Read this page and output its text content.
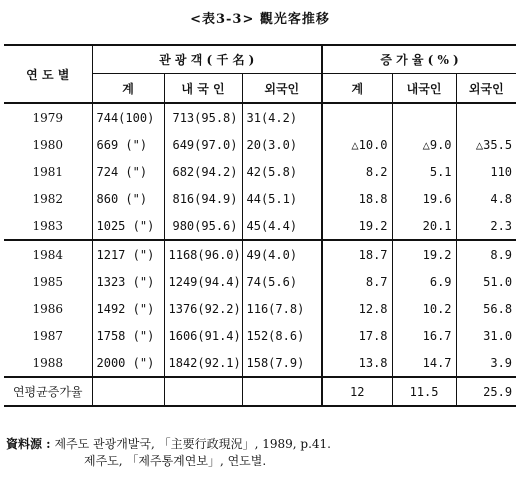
<表3-3> 觀光客推移
연 도 별	관 광 객 ( 千 名 )			증 가 율 ( % )		
	계	내 국 인	외국인	계	내국인	외국인
1979	744(100)	713(95.8)	31(4.2)			
1980	669 (")	649(97.0)	20(3.0)	△10.0	△9.0	△35.5
1981	724 (")	682(94.2)	42(5.8)	8.2	5.1	110
1982	860 (")	816(94.9)	44(5.1)	18.8	19.6	4.8
1983	1025 (")	980(95.6)	45(4.4)	19.2	20.1	2.3
1984	1217 (")	1168(96.0)	49(4.0)	18.7	19.2	8.9
1985	1323 (")	1249(94.4)	74(5.6)	8.7	6.9	51.0
1986	1492 (")	1376(92.2)	116(7.8)	12.8	10.2	56.8
1987	1758 (")	1606(91.4)	152(8.6)	17.8	16.7	31.0
1988	2000 (")	1842(92.1)	158(7.9)	13.8	14.7	3.9
연평균증가율				12	11.5	25.9
資料源 : 제주도 관광개발국, 「主要行政現況」, 1989, p.41.
제주도, 「제주통계연보」, 연도별.
